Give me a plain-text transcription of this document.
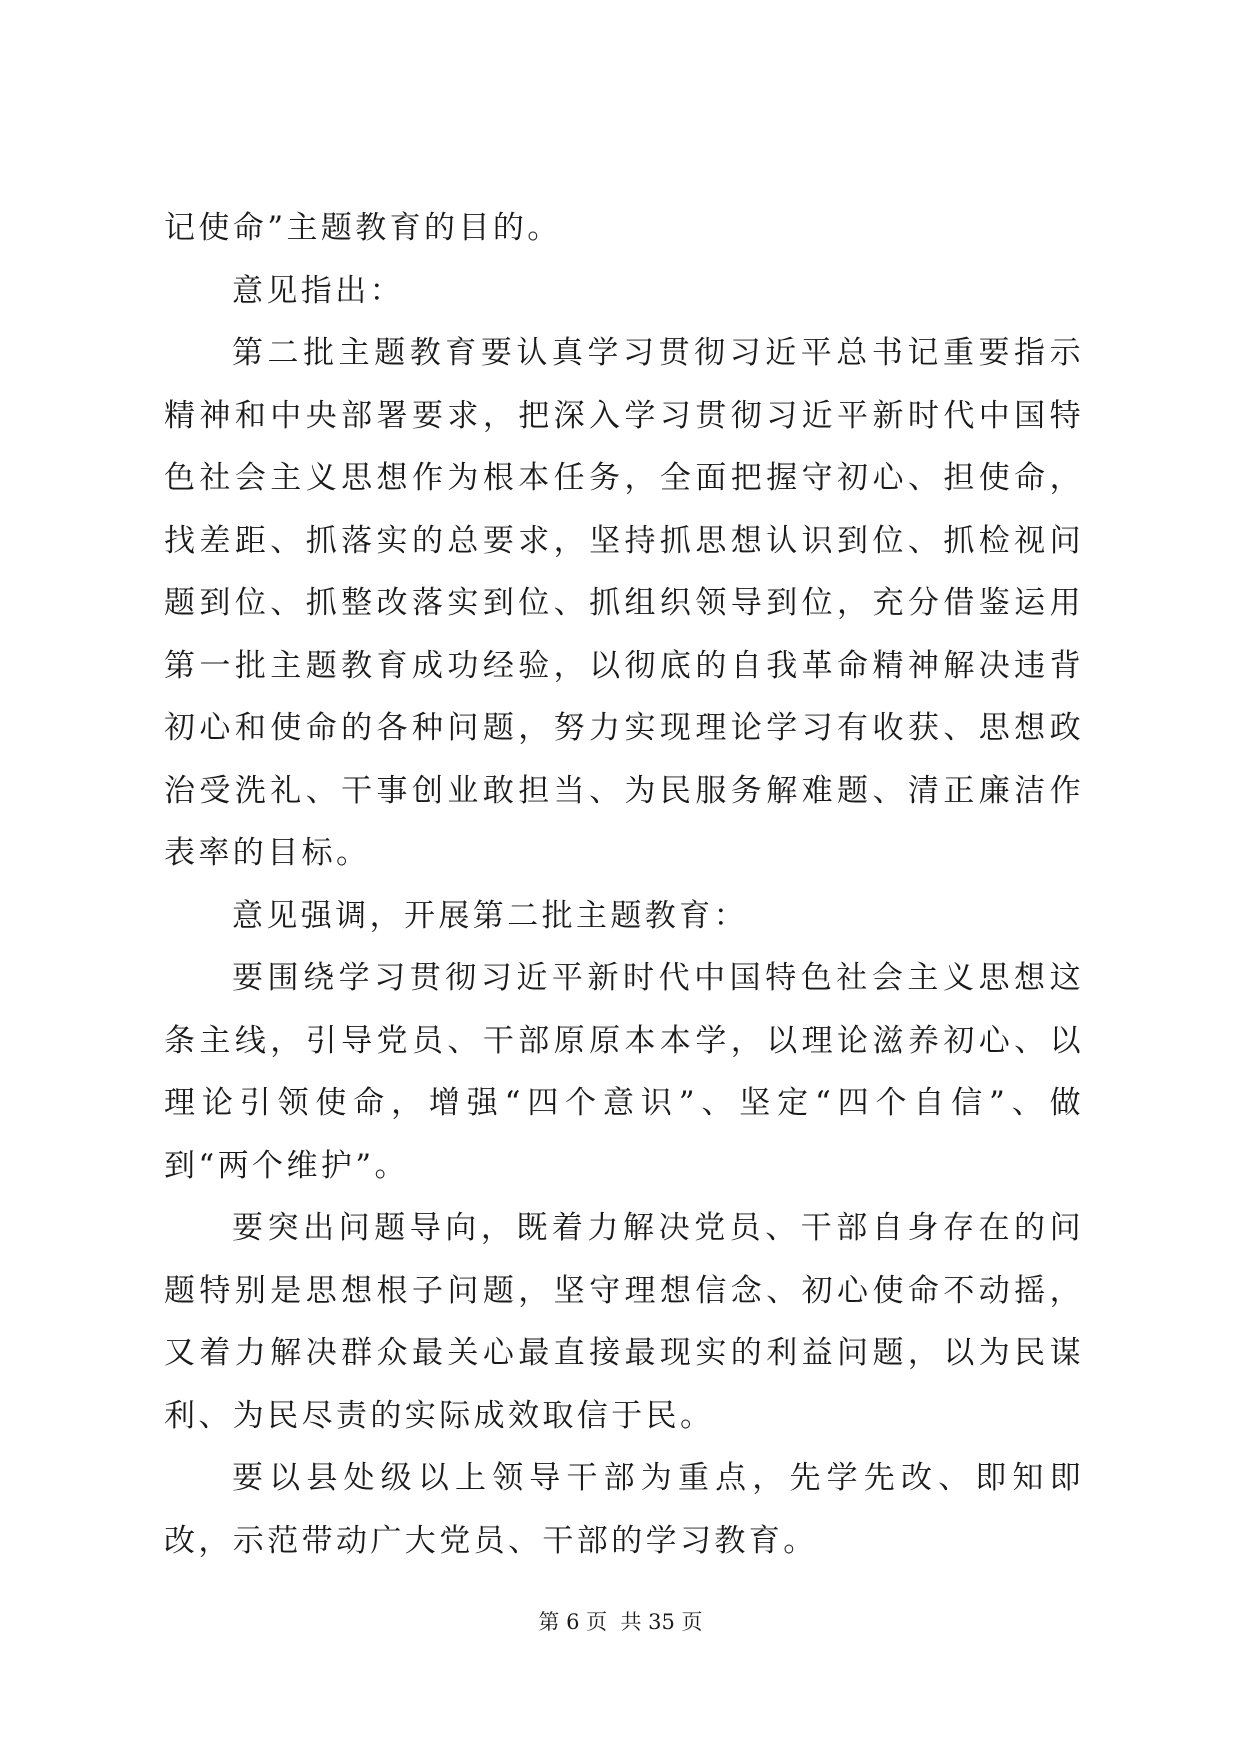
记使命”主题教育的目的。

意见指出：

第二批主题教育要认真学习贯彻习近平总书记重要指示精神和中央部署要求，把深入学习贯彻习近平新时代中国特色社会主义思想作为根本任务，全面把握守初心、担使命，找差距、抓落实的总要求，坚持抓思想认识到位、抓检视问题到位、抓整改落实到位、抓组织领导到位，充分借鉴运用第一批主题教育成功经验，以彻底的自我革命精神解决违背初心和使命的各种问题，努力实现理论学习有收获、思想政治受洗礼、干事创业敢担当、为民服务解难题、清正廉洁作表率的目标。

意见强调，开展第二批主题教育：

要围绕学习贯彻习近平新时代中国特色社会主义思想这条主线，引导党员、干部原原本本学，以理论滋养初心、以理论引领使命，增强“四个意识”、坚定“四个自信”、做到“两个维护”。

要突出问题导向，既着力解决党员、干部自身存在的问题特别是思想根子问题，坚守理想信念、初心使命不动摇，又着力解决群众最关心最直接最现实的利益问题，以为民谋利、为民尽责的实际成效取信于民。

要以县处级以上领导干部为重点，先学先改、即知即改，示范带动广大党员、干部的学习教育。

第 6 页  共 35 页
